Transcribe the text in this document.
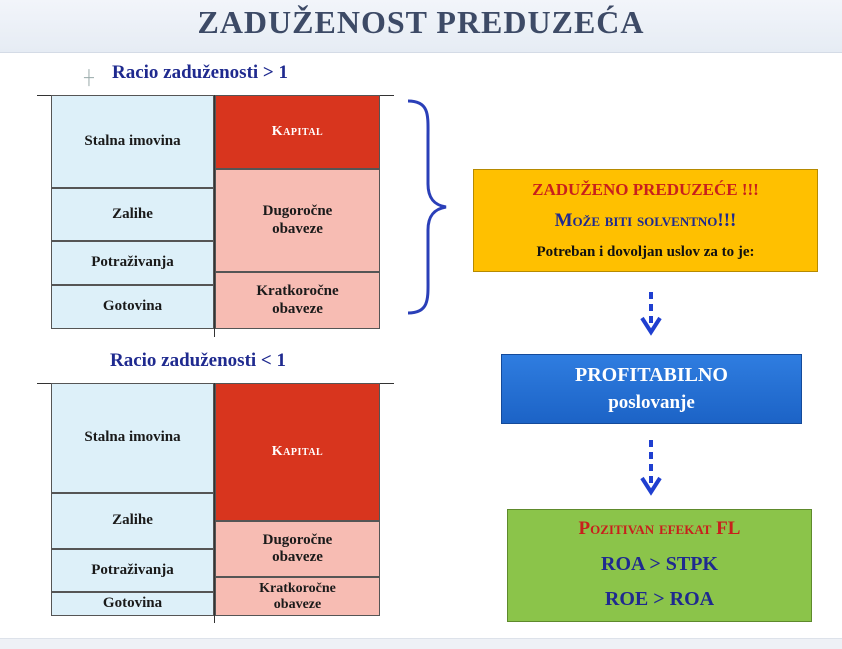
ZADUŽENOST PREDUZEĆA
┼ Racio zaduženosti > 1
Stalna imovina
Zalihe
Potraživanja
Gotovina
Kapital
Dugoročne
obaveze
Kratkoročne
obaveze
Racio zaduženosti < 1
Stalna imovina
Zalihe
Potraživanja
Gotovina
Kapital
Dugoročne
obaveze
Kratkoročne
obaveze
ZADUŽENO PREDUZEĆE !!!
Može biti solventno!!!
Potreban i dovoljan uslov za to je:
PROFITABILNO
poslovanje
Pozitivan efekat FL
ROA > STPK
ROE > ROA
